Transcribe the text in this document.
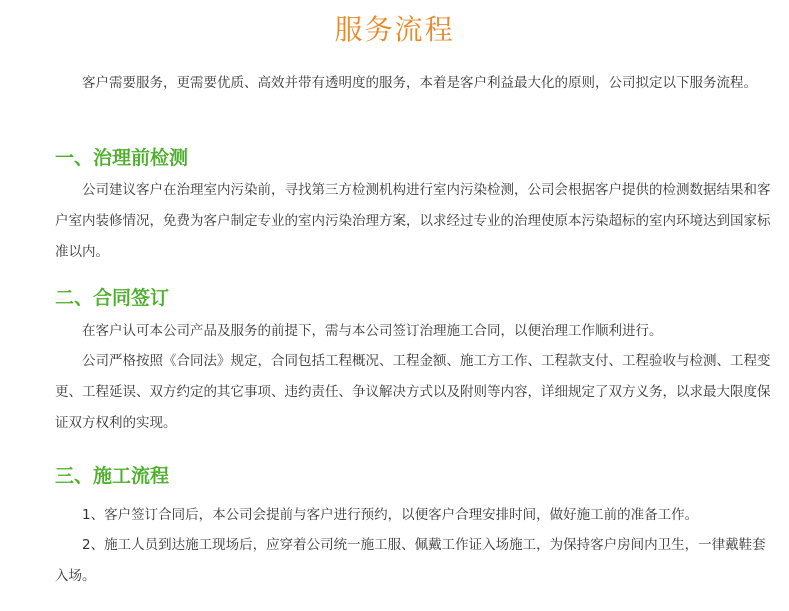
服务流程

客户需要服务，更需要优质、高效并带有透明度的服务，本着是客户利益最大化的原则，公司拟定以下服务流程。

一、治理前检测

公司建议客户在治理室内污染前，寻找第三方检测机构进行室内污染检测，公司会根据客户提供的检测数据结果和客户室内装修情况，免费为客户制定专业的室内污染治理方案，以求经过专业的治理使原本污染超标的室内环境达到国家标准以内。

二、合同签订

在客户认可本公司产品及服务的前提下，需与本公司签订治理施工合同，以便治理工作顺利进行。

公司严格按照《合同法》规定，合同包括工程概况、工程金额、施工方工作、工程款支付、工程验收与检测、工程变更、工程延误、双方约定的其它事项、违约责任、争议解决方式以及附则等内容，详细规定了双方义务，以求最大限度保证双方权利的实现。

三、施工流程

1、客户签订合同后，本公司会提前与客户进行预约，以便客户合理安排时间，做好施工前的准备工作。

2、施工人员到达施工现场后，应穿着公司统一施工服、佩戴工作证入场施工，为保持客户房间内卫生，一律戴鞋套入场。
